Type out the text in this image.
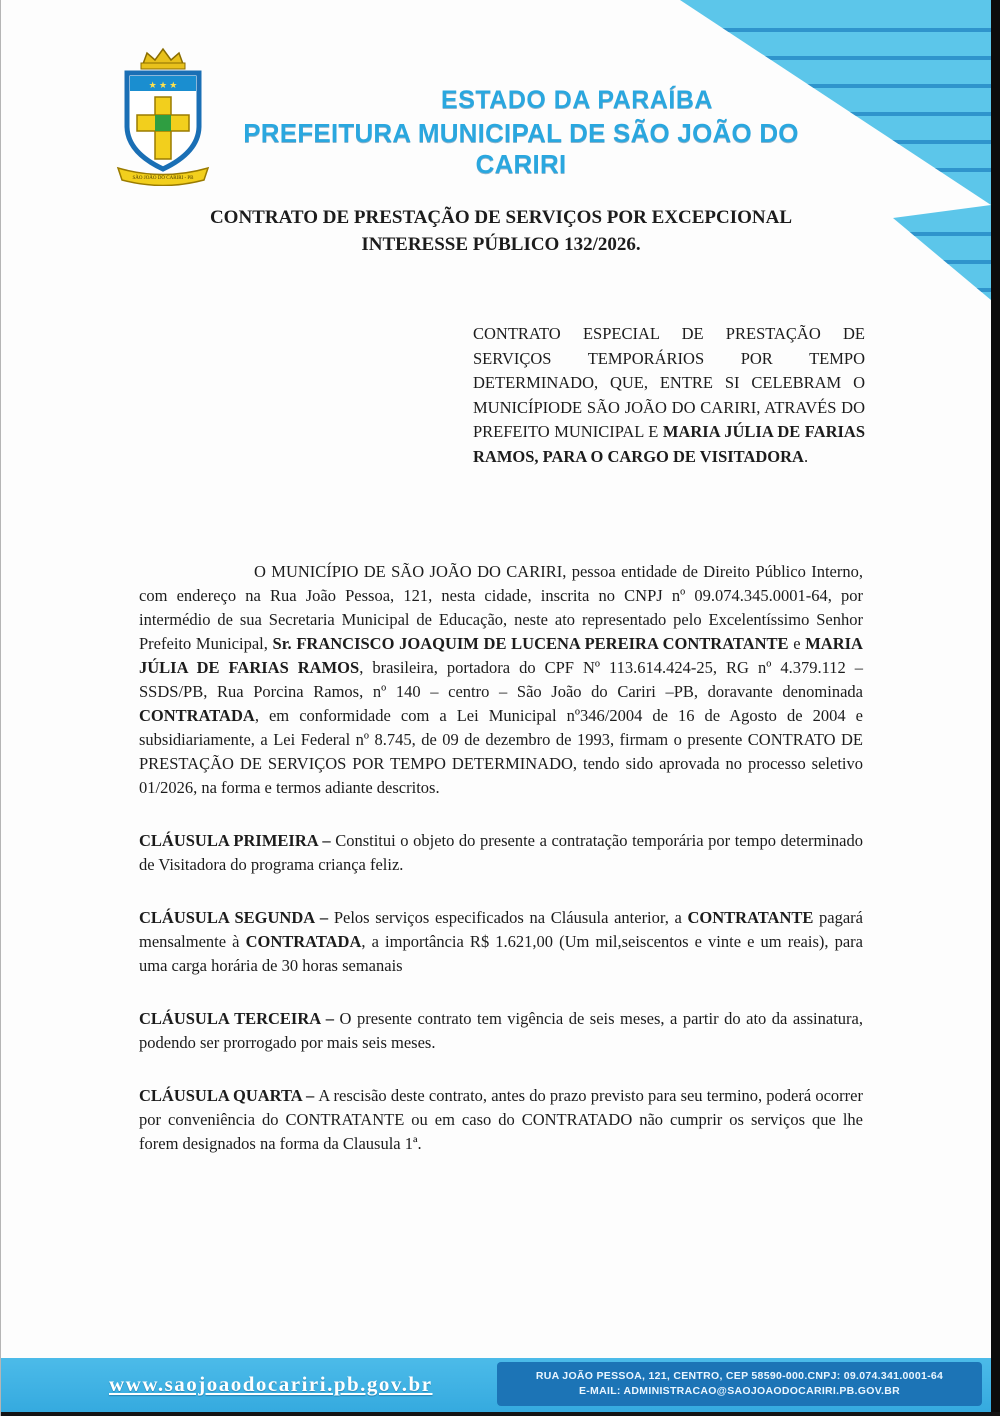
★ ★ ★
SÃO JOÃO DO CARIRI - PB
ESTADO DA PARAÍBA
PREFEITURA MUNICIPAL DE SÃO JOÃO DO CARIRI
CONTRATO DE PRESTAÇÃO DE SERVIÇOS POR EXCEPCIONAL
INTERESSE PÚBLICO 132/2026.
CONTRATO ESPECIAL DE PRESTAÇÃO DE SERVIÇOS TEMPORÁRIOS POR TEMPO DETERMINADO, QUE, ENTRE SI CELEBRAM O MUNICÍPIODE SÃO JOÃO DO CARIRI, ATRAVÉS DO PREFEITO MUNICIPAL E MARIA JÚLIA DE FARIAS RAMOS, PARA O CARGO DE VISITADORA.

O MUNICÍPIO DE SÃO JOÃO DO CARIRI, pessoa entidade de Direito Público Interno, com endereço na Rua João Pessoa, 121, nesta cidade, inscrita no CNPJ nº 09.074.345.0001-64, por intermédio de sua Secretaria Municipal de Educação, neste ato representado pelo Excelentíssimo Senhor Prefeito Municipal, Sr. FRANCISCO JOAQUIM DE LUCENA PEREIRA CONTRATANTE e MARIA JÚLIA DE FARIAS RAMOS, brasileira, portadora do CPF Nº 113.614.424-25, RG nº 4.379.112 – SSDS/PB, Rua Porcina Ramos, nº 140 – centro – São João do Cariri –PB, doravante denominada CONTRATADA, em conformidade com a Lei Municipal nº346/2004 de 16 de Agosto de 2004 e subsidiariamente, a Lei Federal nº 8.745, de 09 de dezembro de 1993, firmam o presente CONTRATO DE PRESTAÇÃO DE SERVIÇOS POR TEMPO DETERMINADO, tendo sido aprovada no processo seletivo 01/2026, na forma e termos adiante descritos.

CLÁUSULA PRIMEIRA – Constitui o objeto do presente a contratação temporária por tempo determinado de Visitadora do programa criança feliz.

CLÁUSULA SEGUNDA – Pelos serviços especificados na Cláusula anterior, a CONTRATANTE pagará mensalmente à CONTRATADA, a importância R$ 1.621,00 (Um mil,seiscentos e vinte e um reais), para uma carga horária de 30 horas semanais

CLÁUSULA TERCEIRA – O presente contrato tem vigência de seis meses, a partir do ato da assinatura, podendo ser prorrogado por mais seis meses.

CLÁUSULA QUARTA – A rescisão deste contrato, antes do prazo previsto para seu termino, poderá ocorrer por conveniência do CONTRATANTE ou em caso do CONTRATADO não cumprir os serviços que lhe forem designados na forma da Clausula 1ª.

www.saojoaodocariri.pb.gov.br	RUA JOÃO PESSOA, 121, CENTRO, CEP 58590-000.CNPJ: 09.074.341.0001-64
E-MAIL: ADMINISTRACAO@SAOJOAODOCARIRI.PB.GOV.BR
